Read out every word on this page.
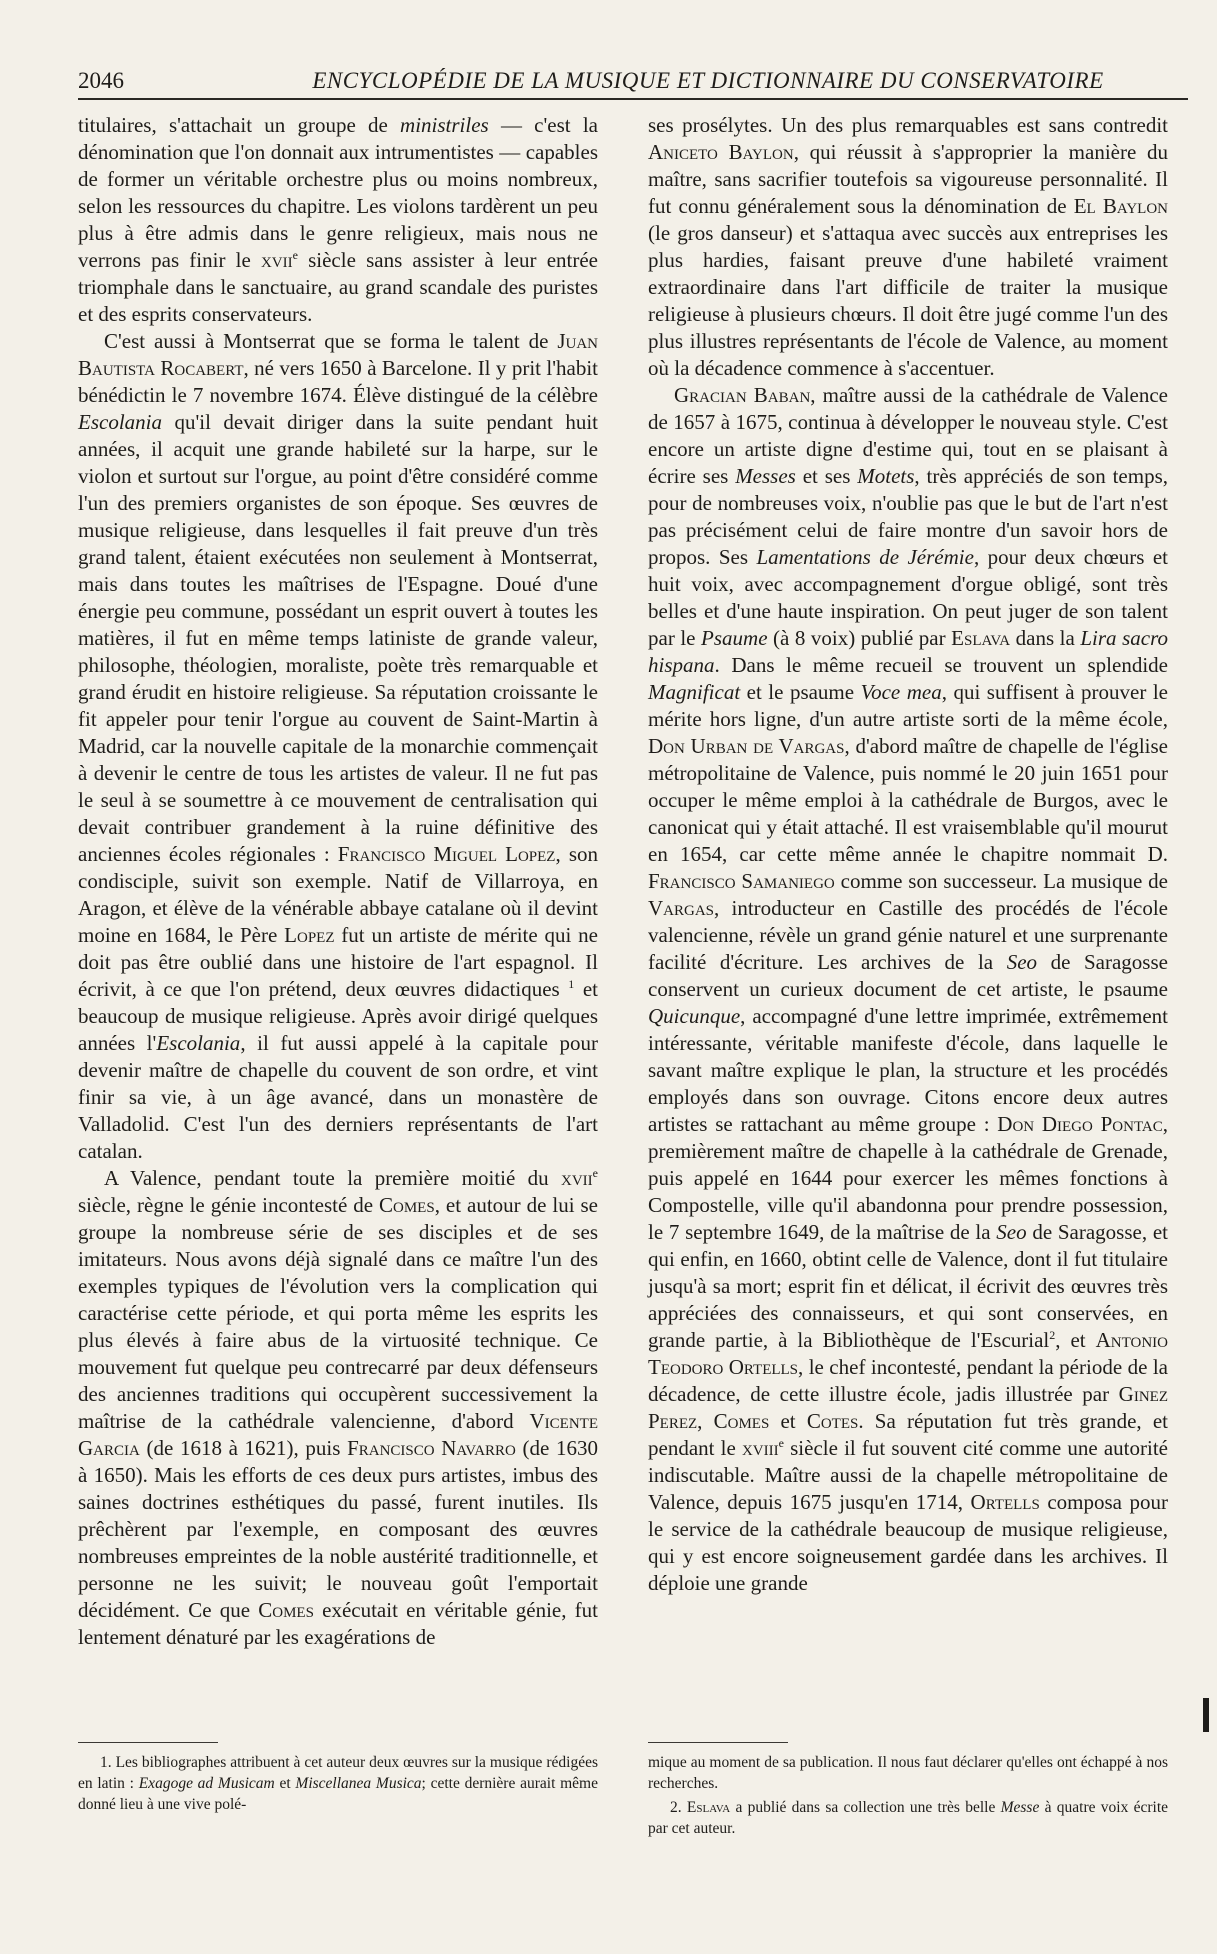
2046	ENCYCLOPÉDIE DE LA MUSIQUE ET DICTIONNAIRE DU CONSERVATOIRE

titulaires, s'attachait un groupe de ministriles — c'est la dénomination que l'on donnait aux intrumentistes — capables de former un véritable orchestre plus ou moins nombreux, selon les ressources du chapitre. Les violons tardèrent un peu plus à être admis dans le genre religieux, mais nous ne verrons pas finir le xvii$^e$ siècle sans assister à leur entrée triomphale dans le sanctuaire, au grand scandale des puristes et des esprits conservateurs.

C'est aussi à Montserrat que se forma le talent de Juan Bautista Rocabert, né vers 1650 à Barcelone. Il y prit l'habit bénédictin le 7 novembre 1674. Élève distingué de la célèbre Escolania qu'il devait diriger dans la suite pendant huit années, il acquit une grande habileté sur la harpe, sur le violon et surtout sur l'orgue, au point d'être considéré comme l'un des premiers organistes de son époque. Ses œuvres de musique religieuse, dans lesquelles il fait preuve d'un très grand talent, étaient exécutées non seulement à Montserrat, mais dans toutes les maîtrises de l'Espagne. Doué d'une énergie peu commune, possédant un esprit ouvert à toutes les matières, il fut en même temps latiniste de grande valeur, philosophe, théologien, moraliste, poète très remarquable et grand érudit en histoire religieuse. Sa réputation croissante le fit appeler pour tenir l'orgue au couvent de Saint-Martin à Madrid, car la nouvelle capitale de la monarchie commençait à devenir le centre de tous les artistes de valeur. Il ne fut pas le seul à se soumettre à ce mouvement de centralisation qui devait contribuer grandement à la ruine définitive des anciennes écoles régionales : Francisco Miguel Lopez, son condisciple, suivit son exemple. Natif de Villarroya, en Aragon, et élève de la vénérable abbaye catalane où il devint moine en 1684, le Père Lopez fut un artiste de mérite qui ne doit pas être oublié dans une histoire de l'art espagnol. Il écrivit, à ce que l'on prétend, deux œuvres didactiques $^1$ et beaucoup de musique religieuse. Après avoir dirigé quelques années l'Escolania, il fut aussi appelé à la capitale pour devenir maître de chapelle du couvent de son ordre, et vint finir sa vie, à un âge avancé, dans un monastère de Valladolid. C'est l'un des derniers représentants de l'art catalan.

A Valence, pendant toute la première moitié du xvii$^e$ siècle, règne le génie incontesté de Comes, et autour de lui se groupe la nombreuse série de ses disciples et de ses imitateurs. Nous avons déjà signalé dans ce maître l'un des exemples typiques de l'évolution vers la complication qui caractérise cette période, et qui porta même les esprits les plus élevés à faire abus de la virtuosité technique. Ce mouvement fut quelque peu contrecarré par deux défenseurs des anciennes traditions qui occupèrent successivement la maîtrise de la cathédrale valencienne, d'abord Vicente Garcia (de 1618 à 1621), puis Francisco Navarro (de 1630 à 1650). Mais les efforts de ces deux purs artistes, imbus des saines doctrines esthétiques du passé, furent inutiles. Ils prêchèrent par l'exemple, en composant des œuvres nombreuses empreintes de la noble austérité traditionnelle, et personne ne les suivit; le nouveau goût l'emportait décidément. Ce que Comes exécutait en véritable génie, fut lentement dénaturé par les exagérations de

ses prosélytes. Un des plus remarquables est sans contredit Aniceto Baylon, qui réussit à s'approprier la manière du maître, sans sacrifier toutefois sa vigoureuse personnalité. Il fut connu généralement sous la dénomination de El Baylon (le gros danseur) et s'attaqua avec succès aux entreprises les plus hardies, faisant preuve d'une habileté vraiment extraordinaire dans l'art difficile de traiter la musique religieuse à plusieurs chœurs. Il doit être jugé comme l'un des plus illustres représentants de l'école de Valence, au moment où la décadence commence à s'accentuer.

Gracian Baban, maître aussi de la cathédrale de Valence de 1657 à 1675, continua à développer le nouveau style. C'est encore un artiste digne d'estime qui, tout en se plaisant à écrire ses Messes et ses Motets, très appréciés de son temps, pour de nombreuses voix, n'oublie pas que le but de l'art n'est pas précisément celui de faire montre d'un savoir hors de propos. Ses Lamentations de Jérémie, pour deux chœurs et huit voix, avec accompagnement d'orgue obligé, sont très belles et d'une haute inspiration. On peut juger de son talent par le Psaume (à 8 voix) publié par Eslava dans la Lira sacro hispana. Dans le même recueil se trouvent un splendide Magnificat et le psaume Voce mea, qui suffisent à prouver le mérite hors ligne, d'un autre artiste sorti de la même école, Don Urban de Vargas, d'abord maître de chapelle de l'église métropolitaine de Valence, puis nommé le 20 juin 1651 pour occuper le même emploi à la cathédrale de Burgos, avec le canonicat qui y était attaché. Il est vraisemblable qu'il mourut en 1654, car cette même année le chapitre nommait D. Francisco Samaniego comme son successeur. La musique de Vargas, introducteur en Castille des procédés de l'école valencienne, révèle un grand génie naturel et une surprenante facilité d'écriture. Les archives de la Seo de Saragosse conservent un curieux document de cet artiste, le psaume Quicunque, accompagné d'une lettre imprimée, extrêmement intéressante, véritable manifeste d'école, dans laquelle le savant maître explique le plan, la structure et les procédés employés dans son ouvrage. Citons encore deux autres artistes se rattachant au même groupe : Don Diego Pontac, premièrement maître de chapelle à la cathédrale de Grenade, puis appelé en 1644 pour exercer les mêmes fonctions à Compostelle, ville qu'il abandonna pour prendre possession, le 7 septembre 1649, de la maîtrise de la Seo de Saragosse, et qui enfin, en 1660, obtint celle de Valence, dont il fut titulaire jusqu'à sa mort; esprit fin et délicat, il écrivit des œuvres très appréciées des connaisseurs, et qui sont conservées, en grande partie, à la Bibliothèque de l'Escurial$^2$, et Antonio Teodoro Ortells, le chef incontesté, pendant la période de la décadence, de cette illustre école, jadis illustrée par Ginez Perez, Comes et Cotes. Sa réputation fut très grande, et pendant le xviii$^e$ siècle il fut souvent cité comme une autorité indiscutable. Maître aussi de la chapelle métropolitaine de Valence, depuis 1675 jusqu'en 1714, Ortells composa pour le service de la cathédrale beaucoup de musique religieuse, qui y est encore soigneusement gardée dans les archives. Il déploie une grande

1. Les bibliographes attribuent à cet auteur deux œuvres sur la musique rédigées en latin : Exagoge ad Musicam et Miscellanea Musica; cette dernière aurait même donné lieu à une vive polé-

mique au moment de sa publication. Il nous faut déclarer qu'elles ont échappé à nos recherches.

2. Eslava a publié dans sa collection une très belle Messe à quatre voix écrite par cet auteur.
